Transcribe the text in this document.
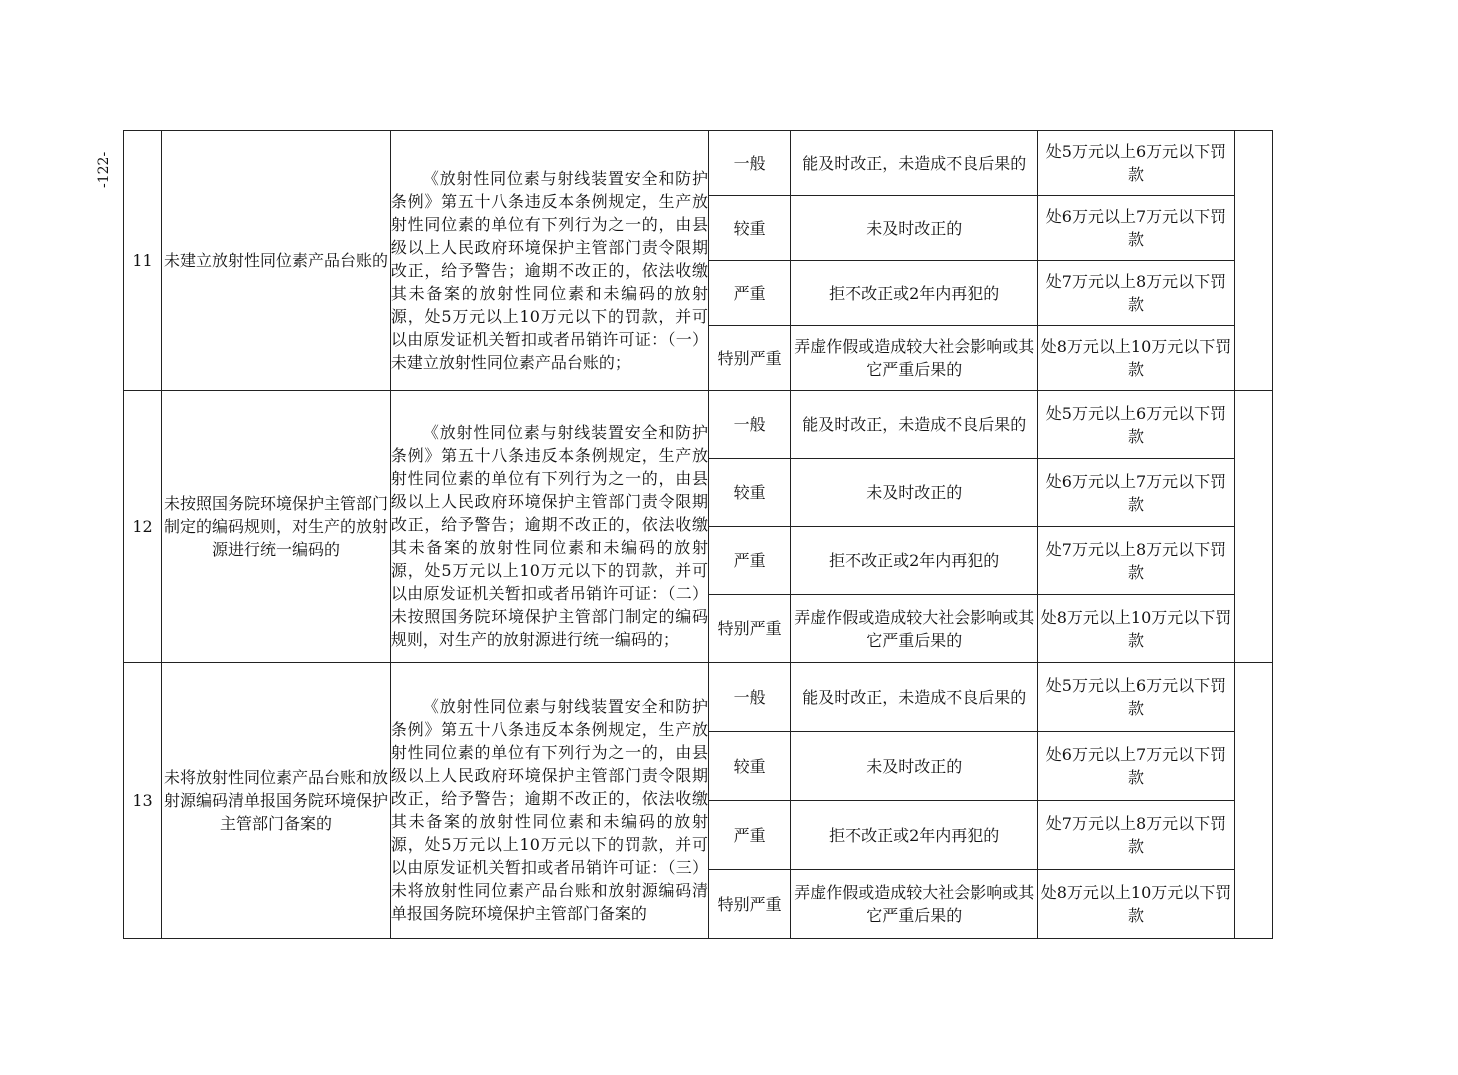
-122-
11	未建立放射性同位素产品台账的	《放射性同位素与射线装置安全和防护条例》第五十八条违反本条例规定，生产放射性同位素的单位有下列行为之一的，由县级以上人民政府环境保护主管部门责令限期改正，给予警告；逾期不改正的，依法收缴其未备案的放射性同位素和未编码的放射源，处5万元以上10万元以下的罚款，并可以由原发证机关暂扣或者吊销许可证：（一）未建立放射性同位素产品台账的；	一般	能及时改正，未造成不良后果的	处5万元以上6万元以下罚款	
			较重	未及时改正的	处6万元以上7万元以下罚款	
			严重	拒不改正或2年内再犯的	处7万元以上8万元以下罚款	
			特别严重	弄虚作假或造成较大社会影响或其它严重后果的	处8万元以上10万元以下罚款	
12	未按照国务院环境保护主管部门制定的编码规则，对生产的放射源进行统一编码的	《放射性同位素与射线装置安全和防护条例》第五十八条违反本条例规定，生产放射性同位素的单位有下列行为之一的，由县级以上人民政府环境保护主管部门责令限期改正，给予警告；逾期不改正的，依法收缴其未备案的放射性同位素和未编码的放射源，处5万元以上10万元以下的罚款，并可以由原发证机关暂扣或者吊销许可证：（二）未按照国务院环境保护主管部门制定的编码规则，对生产的放射源进行统一编码的；	一般	能及时改正，未造成不良后果的	处5万元以上6万元以下罚款	
			较重	未及时改正的	处6万元以上7万元以下罚款	
			严重	拒不改正或2年内再犯的	处7万元以上8万元以下罚款	
			特别严重	弄虚作假或造成较大社会影响或其它严重后果的	处8万元以上10万元以下罚款	
13	未将放射性同位素产品台账和放射源编码清单报国务院环境保护主管部门备案的	《放射性同位素与射线装置安全和防护条例》第五十八条违反本条例规定，生产放射性同位素的单位有下列行为之一的，由县级以上人民政府环境保护主管部门责令限期改正，给予警告；逾期不改正的，依法收缴其未备案的放射性同位素和未编码的放射源，处5万元以上10万元以下的罚款，并可以由原发证机关暂扣或者吊销许可证：（三）未将放射性同位素产品台账和放射源编码清单报国务院环境保护主管部门备案的	一般	能及时改正，未造成不良后果的	处5万元以上6万元以下罚款	
			较重	未及时改正的	处6万元以上7万元以下罚款	
			严重	拒不改正或2年内再犯的	处7万元以上8万元以下罚款	
			特别严重	弄虚作假或造成较大社会影响或其它严重后果的	处8万元以上10万元以下罚款	
